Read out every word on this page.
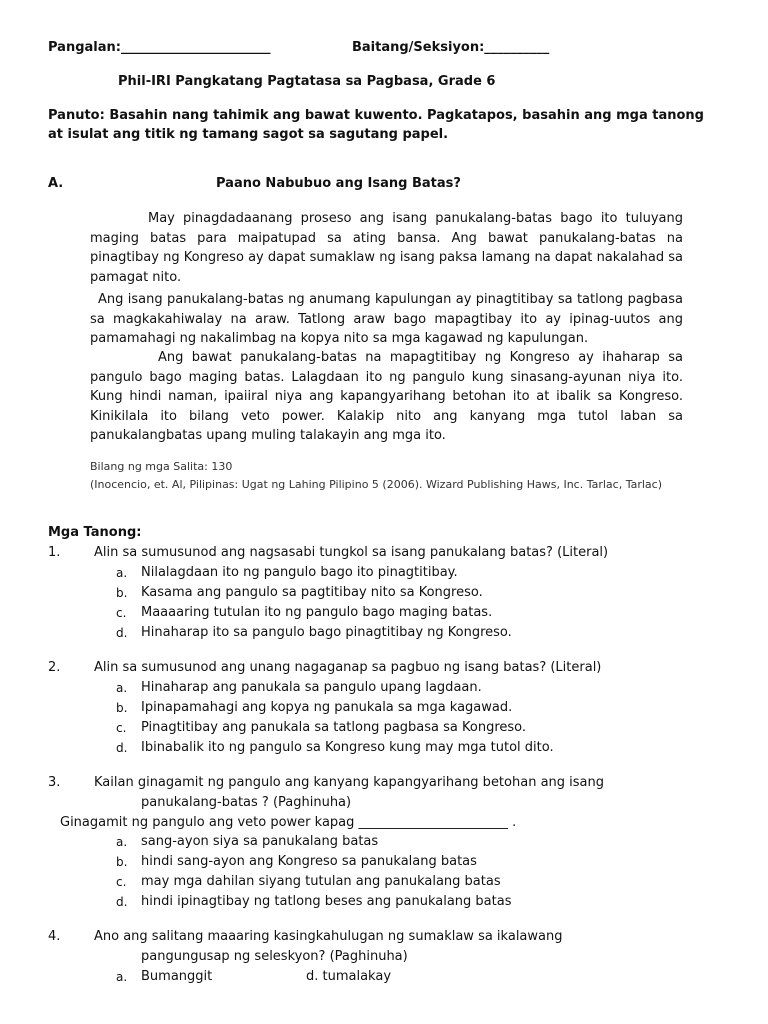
Pangalan:_______________________	Baitang/Seksiyon:__________
Phil-IRI Pangkatang Pagtatasa sa Pagbasa, Grade 6
Panuto: Basahin nang tahimik ang bawat kuwento. Pagkatapos, basahin ang mga tanong
at isulat ang titik ng tamang sagot sa sagutang papel.
A.	Paano Nabubuo ang Isang Batas?
May pinagdadaanang proseso ang isang panukalang-batas bago ito tuluyang maging batas para maipatupad sa ating bansa. Ang bawat panukalang-batas na pinagtibay ng Kongreso ay dapat sumaklaw ng isang paksa lamang na dapat nakalahad sa pamagat nito.
Ang isang panukalang-batas ng anumang kapulungan ay pinagtitibay sa tatlong pagbasa sa magkakahiwalay na araw. Tatlong araw bago mapagtibay ito ay ipinag-uutos ang pamamahagi ng nakalimbag na kopya nito sa mga kagawad ng kapulungan.
Ang bawat panukalang-batas na mapagtitibay ng Kongreso ay ihaharap sa pangulo bago maging batas. Lalagdaan ito ng pangulo kung sinasang-ayunan niya ito. Kung hindi naman, ipaiiral niya ang kapangyarihang betohan ito at ibalik sa Kongreso. Kinikilala ito bilang veto power. Kalakip nito ang kanyang mga tutol laban sa panukalangbatas upang muling talakayin ang mga ito.
Bilang ng mga Salita: 130
(Inocencio, et. Al, Pilipinas: Ugat ng Lahing Pilipino 5 (2006). Wizard Publishing Haws, Inc. Tarlac, Tarlac)
Mga Tanong:
1.	Alin sa sumusunod ang nagsasabi tungkol sa isang panukalang batas? (Literal)
a. Nilalagdaan ito ng pangulo bago ito pinagtitibay.
b. Kasama ang pangulo sa pagtitibay nito sa Kongreso.
c. Maaaaring tutulan ito ng pangulo bago maging batas.
d. Hinaharap ito sa pangulo bago pinagtitibay ng Kongreso.
2.	Alin sa sumusunod ang unang nagaganap sa pagbuo ng isang batas? (Literal)
a. Hinaharap ang panukala sa pangulo upang lagdaan.
b. Ipinapamahagi ang kopya ng panukala sa mga kagawad.
c. Pinagtitibay ang panukala sa tatlong pagbasa sa Kongreso.
d. Ibinabalik ito ng pangulo sa Kongreso kung may mga tutol dito.
3.	Kailan ginagamit ng pangulo ang kanyang kapangyarihang betohan ang isang
panukalang-batas ? (Paghinuha)
Ginagamit ng pangulo ang veto power kapag _______________________ .
a. sang-ayon siya sa panukalang batas
b. hindi sang-ayon ang Kongreso sa panukalang batas
c. may mga dahilan siyang tutulan ang panukalang batas
d. hindi ipinagtibay ng tatlong beses ang panukalang batas
4.	Ano ang salitang maaaring kasingkahulugan ng sumaklaw sa ikalawang
pangungusap ng seleskyon? (Paghinuha)
a. Bumanggit	d. tumalakay
